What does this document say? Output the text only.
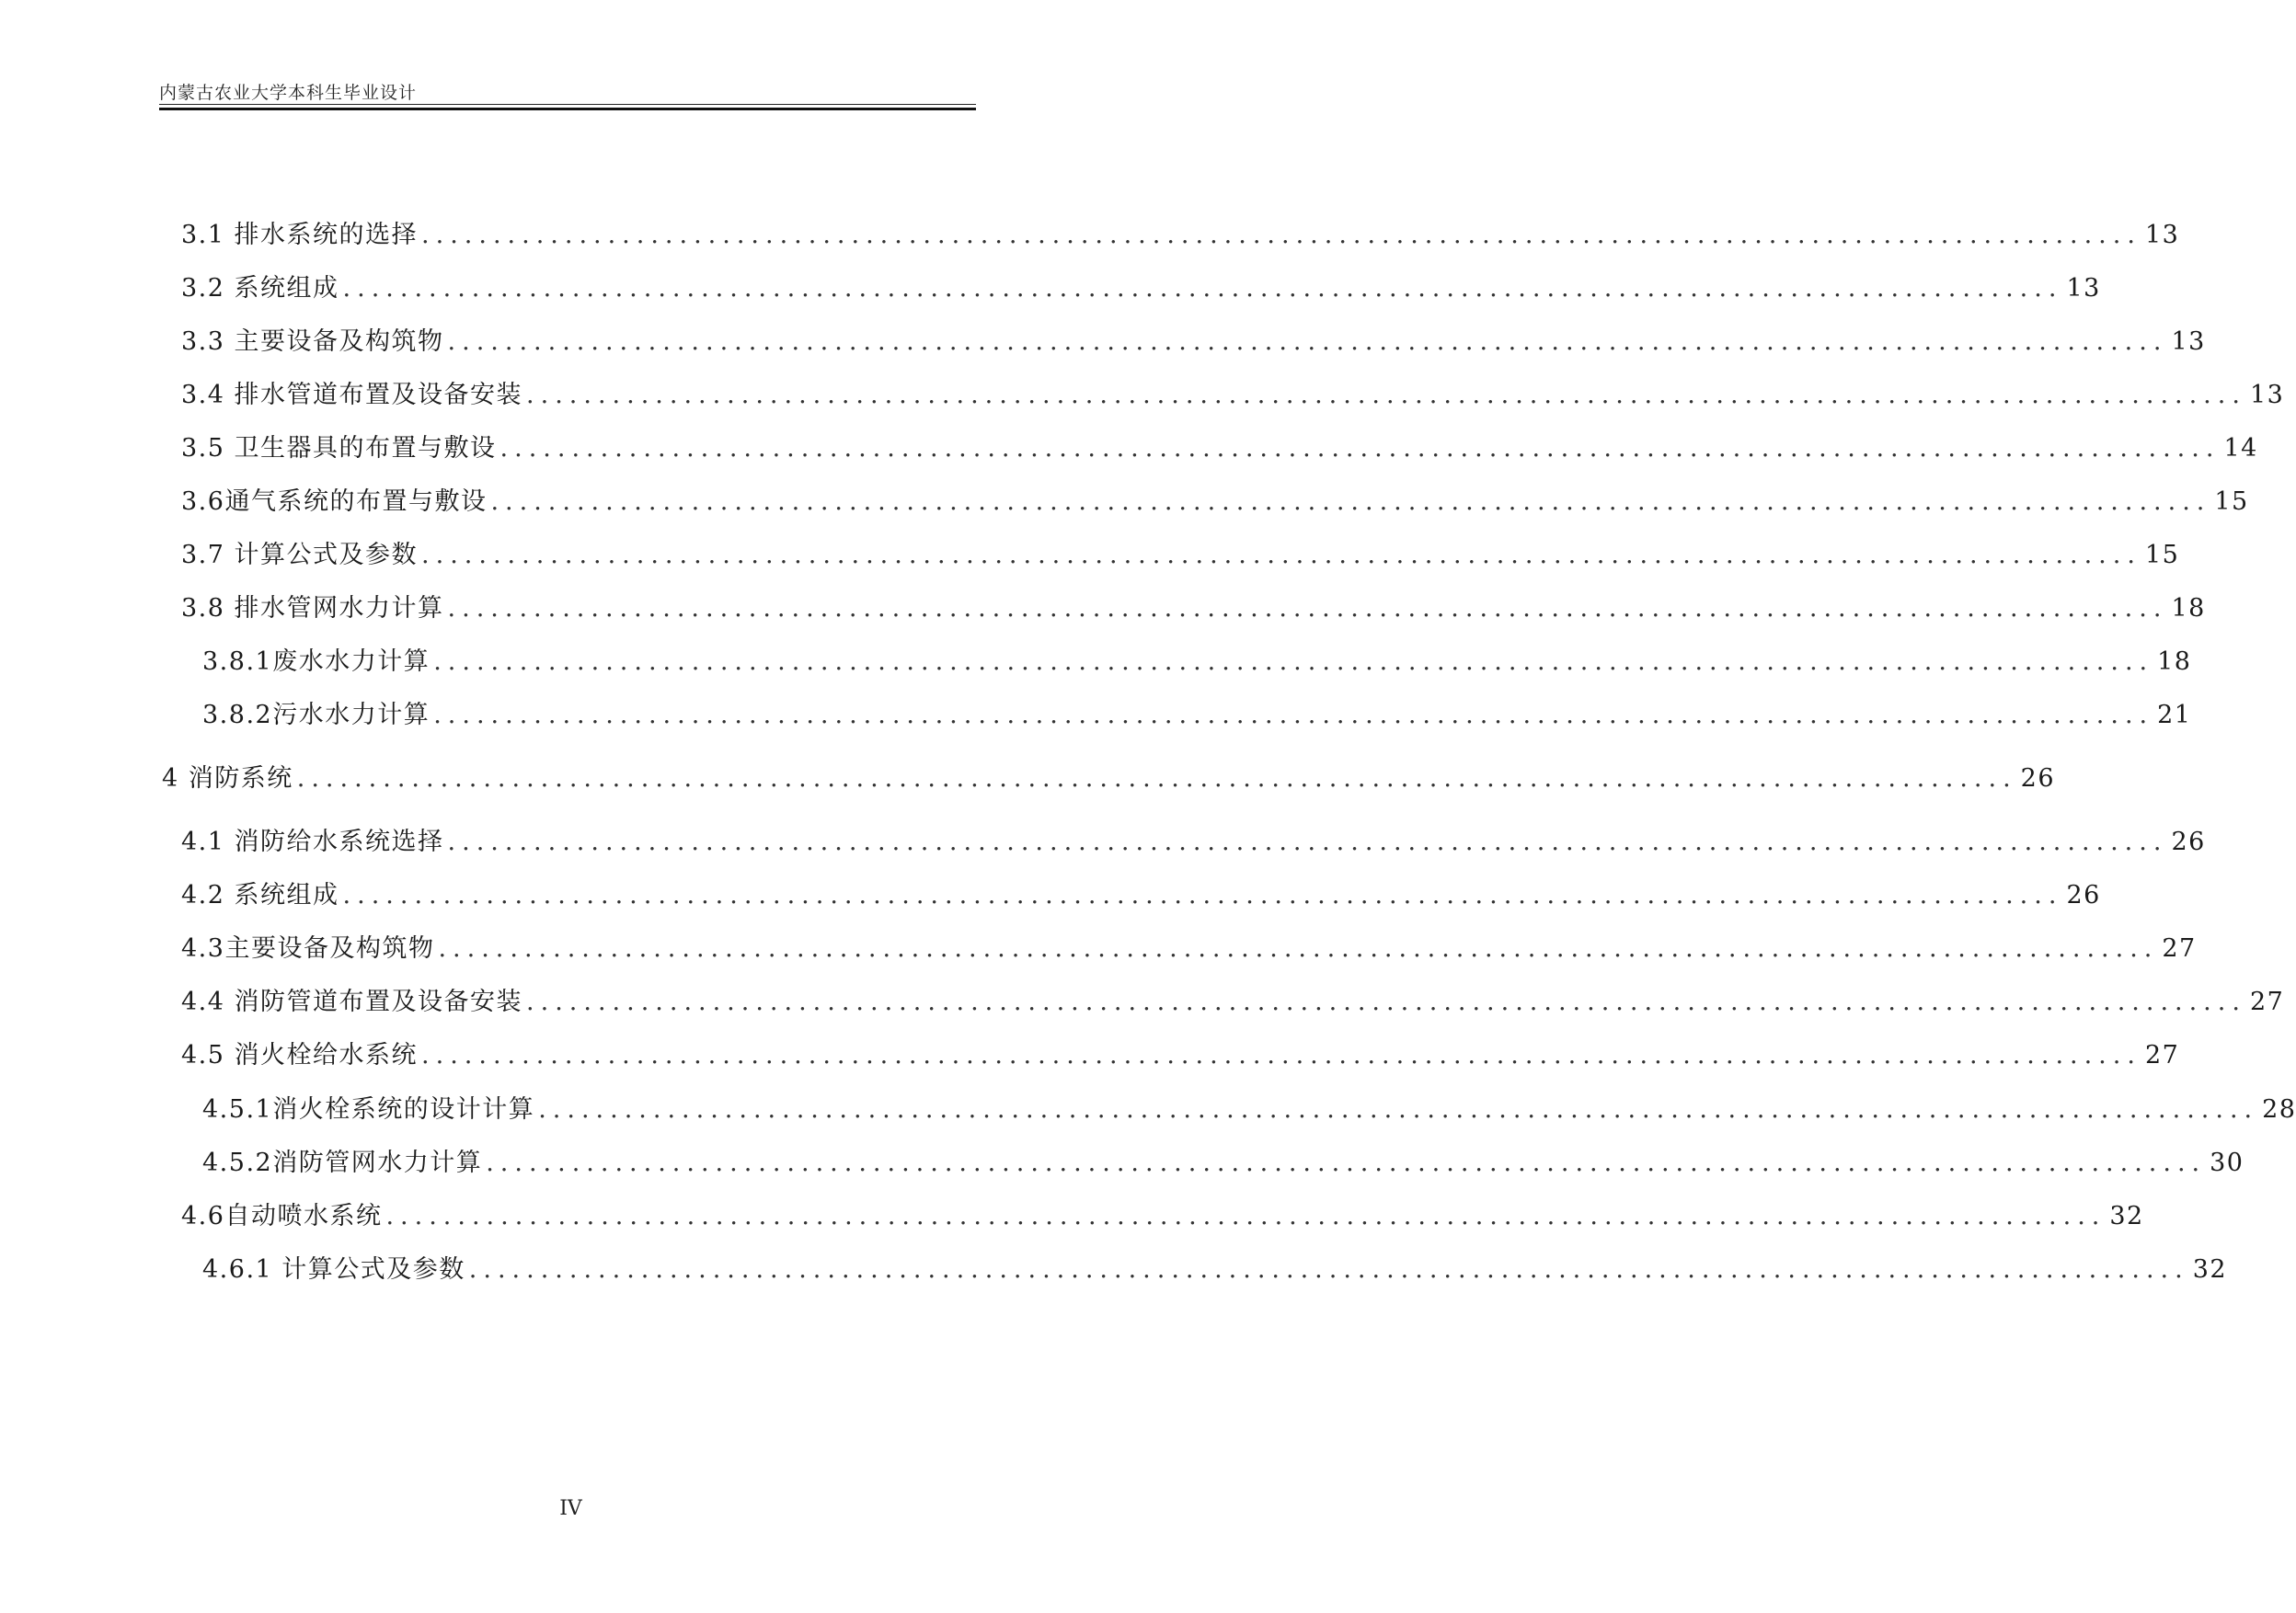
内蒙古农业大学本科生毕业设计
3.1 排水系统的选择 ........................................................................................................................ 13
3.2 系统组成 ........................................................................................................................ 13
3.3 主要设备及构筑物 ........................................................................................................................ 13
3.4 排水管道布置及设备安装 ........................................................................................................................ 13
3.5 卫生器具的布置与敷设 ........................................................................................................................ 14
3.6通气系统的布置与敷设 ........................................................................................................................ 15
3.7 计算公式及参数 ........................................................................................................................ 15
3.8 排水管网水力计算 ........................................................................................................................ 18
3.8.1废水水力计算 ........................................................................................................................ 18
3.8.2污水水力计算 ........................................................................................................................ 21
4 消防系统 ........................................................................................................................ 26
4.1 消防给水系统选择 ........................................................................................................................ 26
4.2 系统组成 ........................................................................................................................ 26
4.3主要设备及构筑物 ........................................................................................................................ 27
4.4 消防管道布置及设备安装 ........................................................................................................................ 27
4.5 消火栓给水系统 ........................................................................................................................ 27
4.5.1消火栓系统的设计计算 ........................................................................................................................ 28
4.5.2消防管网水力计算 ........................................................................................................................ 30
4.6自动喷水系统 ........................................................................................................................ 32
4.6.1 计算公式及参数 ........................................................................................................................ 32
IV
